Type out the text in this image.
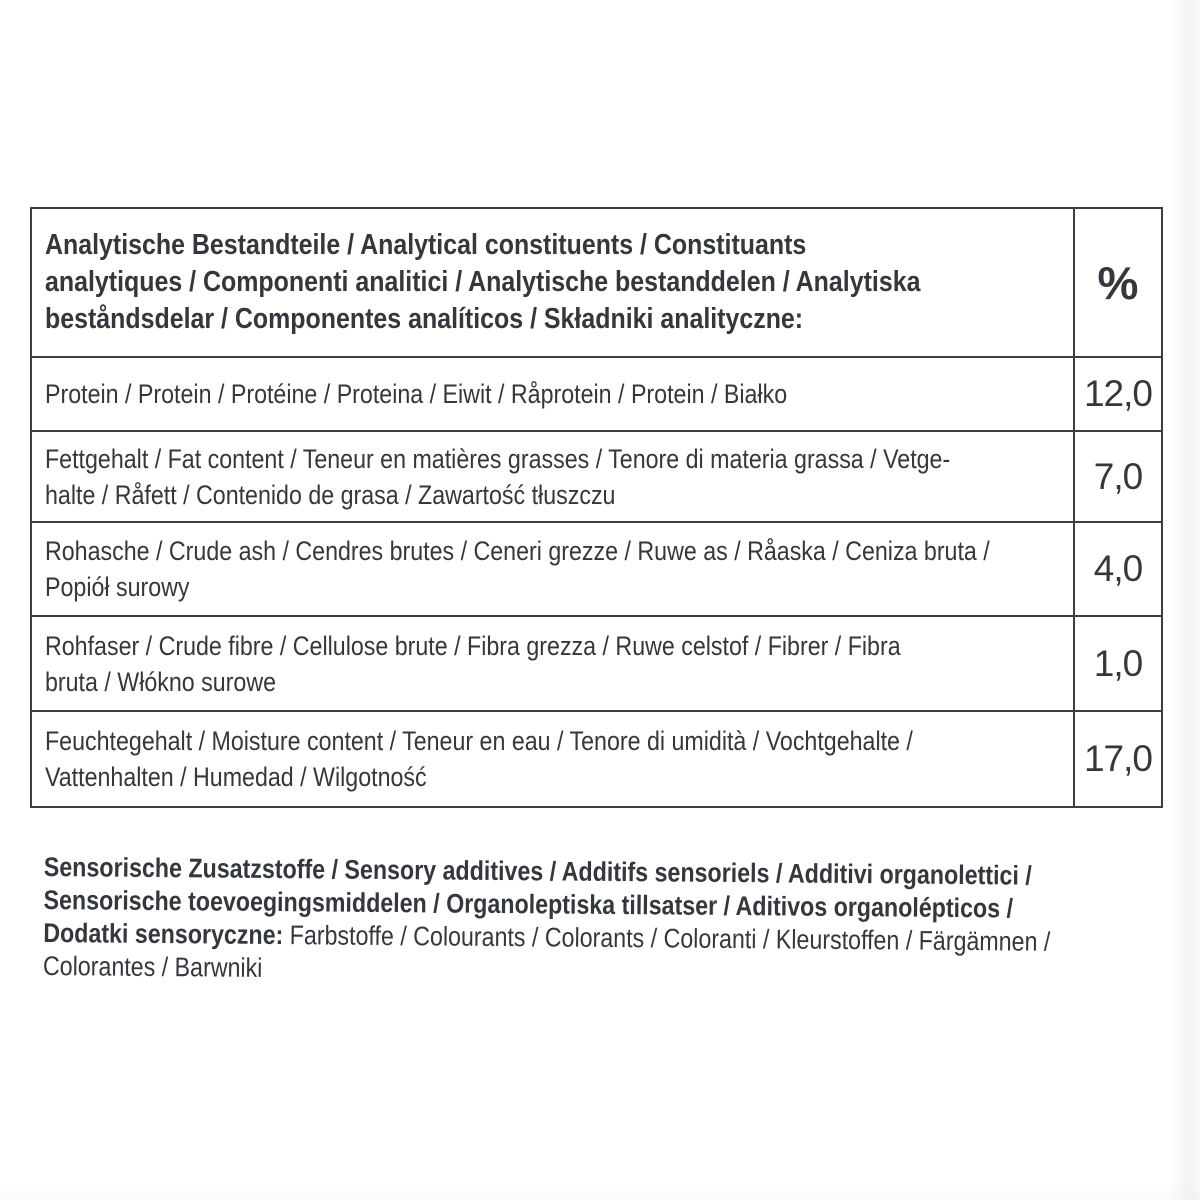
Analytische Bestandteile / Analytical constituents / Constituants
analytiques / Componenti analitici / Analytische bestanddelen / Analytiska
beståndsdelar / Componentes analíticos / Składniki analityczne:
%
Protein / Protein / Protéine / Proteina / Eiwit / Råprotein / Protein / Białko	12,0
Fettgehalt / Fat content / Teneur en matières grasses / Tenore di materia grassa / Vetge-
halte / Råfett / Contenido de grasa / Zawartość tłuszczu	7,0
Rohasche / Crude ash / Cendres brutes / Ceneri grezze / Ruwe as / Råaska / Ceniza bruta /
Popiół surowy	4,0
Rohfaser / Crude fibre / Cellulose brute / Fibra grezza / Ruwe celstof / Fibrer / Fibra
bruta / Włókno surowe	1,0
Feuchtegehalt / Moisture content / Teneur en eau / Tenore di umidità / Vochtgehalte /
Vattenhalten / Humedad / Wilgotność	17,0
Sensorische Zusatzstoffe / Sensory additives / Additifs sensoriels / Additivi organolettici /
Sensorische toevoegingsmiddelen / Organoleptiska tillsatser / Aditivos organolépticos /
Dodatki sensoryczne: Farbstoffe / Colourants / Colorants / Coloranti / Kleurstoffen / Färgämnen /
Colorantes / Barwniki
